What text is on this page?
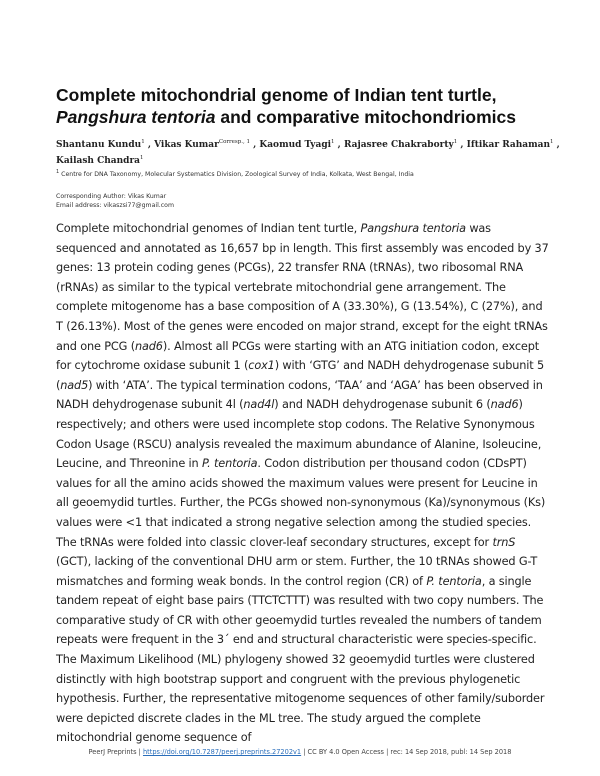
Complete mitochondrial genome of Indian tent turtle,
Pangshura tentoria and comparative mitochondriomics
Shantanu Kundu$^1$ , Vikas Kumar$^{Corresp., 1}$ , Kaomud Tyagi$^1$ , Rajasree Chakraborty$^1$ , Iftikar Rahaman$^1$ , Kailash Chandra$^1$
$^1$ Centre for DNA Taxonomy, Molecular Systematics Division, Zoological Survey of India, Kolkata, West Bengal, India
Corresponding Author: Vikas Kumar
Email address: vikaszsi77@gmail.com
Complete mitochondrial genomes of Indian tent turtle, Pangshura tentoria was sequenced and annotated as 16,657 bp in length. This first assembly was encoded by 37 genes: 13 protein coding genes (PCGs), 22 transfer RNA (tRNAs), two ribosomal RNA (rRNAs) as similar to the typical vertebrate mitochondrial gene arrangement. The complete mitogenome has a base composition of A (33.30%), G (13.54%), C (27%), and T (26.13%). Most of the genes were encoded on major strand, except for the eight tRNAs and one PCG (nad6). Almost all PCGs were starting with an ATG initiation codon, except for cytochrome oxidase subunit 1 (cox1) with ‘GTG’ and NADH dehydrogenase subunit 5 (nad5) with ‘ATA’. The typical termination codons, ‘TAA’ and ‘AGA’ has been observed in NADH dehydrogenase subunit 4l (nad4l) and NADH dehydrogenase subunit 6 (nad6) respectively; and others were used incomplete stop codons. The Relative Synonymous Codon Usage (RSCU) analysis revealed the maximum abundance of Alanine, Isoleucine, Leucine, and Threonine in P. tentoria. Codon distribution per thousand codon (CDsPT) values for all the amino acids showed the maximum values were present for Leucine in all geoemydid turtles. Further, the PCGs showed non-synonymous (Ka)/synonymous (Ks) values were <1 that indicated a strong negative selection among the studied species. The tRNAs were folded into classic clover-leaf secondary structures, except for trnS (GCT), lacking of the conventional DHU arm or stem. Further, the 10 tRNAs showed G-T mismatches and forming weak bonds. In the control region (CR) of P. tentoria, a single tandem repeat of eight base pairs (TTCTCTTT) was resulted with two copy numbers. The comparative study of CR with other geoemydid turtles revealed the numbers of tandem repeats were frequent in the 3´ end and structural characteristic were species-specific. The Maximum Likelihood (ML) phylogeny showed 32 geoemydid turtles were clustered distinctly with high bootstrap support and congruent with the previous phylogenetic hypothesis. Further, the representative mitogenome sequences of other family/suborder were depicted discrete clades in the ML tree. The study argued the complete mitochondrial genome sequence of
PeerJ Preprints | https://doi.org/10.7287/peerj.preprints.27202v1 | CC BY 4.0 Open Access | rec: 14 Sep 2018, publ: 14 Sep 2018
